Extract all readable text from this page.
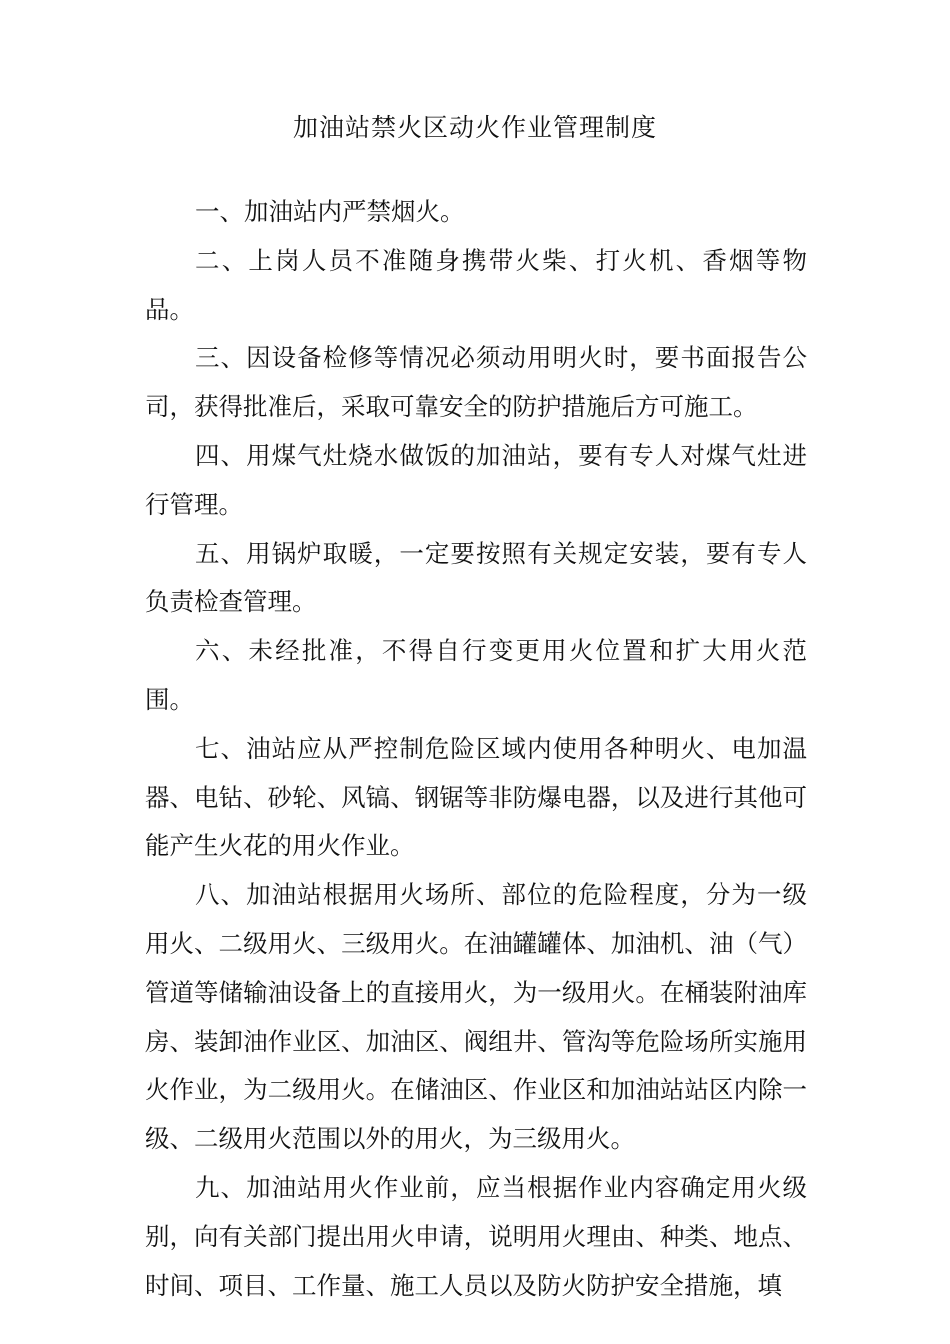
加油站禁火区动火作业管理制度

一、加油站内严禁烟火。

二、上岗人员不准随身携带火柴、打火机、香烟等物品。

三、因设备检修等情况必须动用明火时，要书面报告公司，获得批准后，采取可靠安全的防护措施后方可施工。

四、用煤气灶烧水做饭的加油站，要有专人对煤气灶进行管理。

五、用锅炉取暖，一定要按照有关规定安装，要有专人负责检查管理。

六、未经批准，不得自行变更用火位置和扩大用火范围。

七、油站应从严控制危险区域内使用各种明火、电加温器、电钻、砂轮、风镐、钢锯等非防爆电器，以及进行其他可能产生火花的用火作业。

八、加油站根据用火场所、部位的危险程度，分为一级用火、二级用火、三级用火。在油罐罐体、加油机、油（气）管道等储输油设备上的直接用火，为一级用火。在桶装附油库房、装卸油作业区、加油区、阀组井、管沟等危险场所实施用火作业，为二级用火。在储油区、作业区和加油站站区内除一级、二级用火范围以外的用火，为三级用火。

九、加油站用火作业前，应当根据作业内容确定用火级别，向有关部门提出用火申请，说明用火理由、种类、地点、时间、项目、工作量、施工人员以及防火防护安全措施，填
